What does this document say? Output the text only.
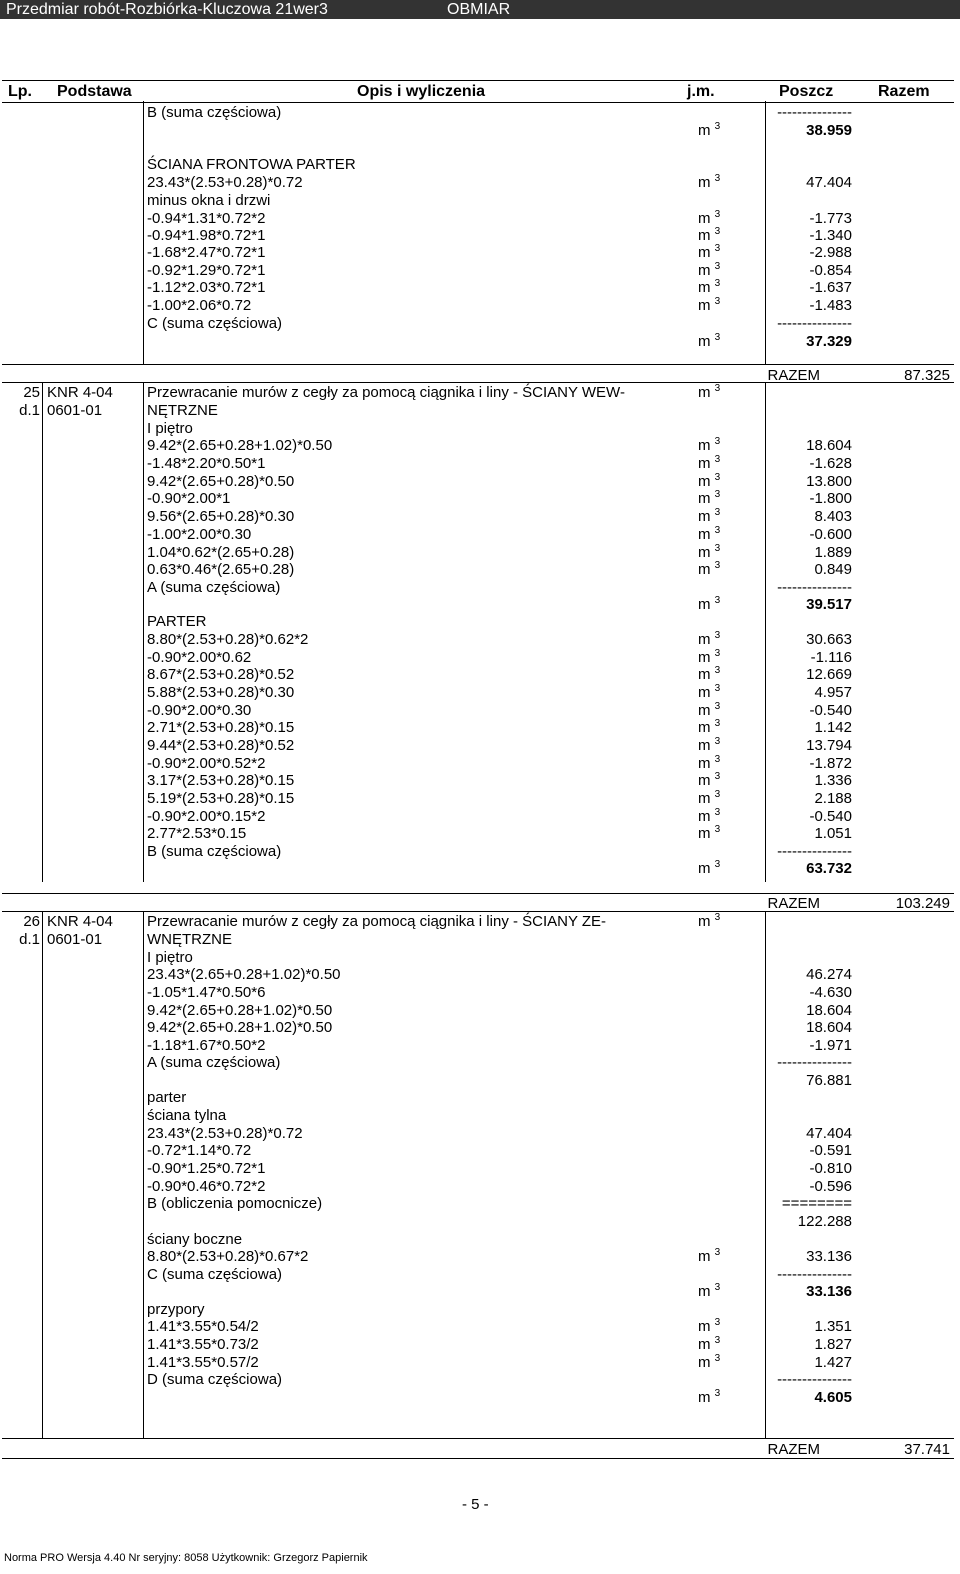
Przedmiar robót-Rozbiórka-Kluczowa 21wer3	OBMIAR
Lp. Podstawa	Opis i wyliczenia	j.m.	Poszcz	Razem
B (suma częściowa)	---------------
m $^3$	38.959
ŚCIANA FRONTOWA PARTER
23.43*(2.53+0.28)*0.72	m $^3$	47.404
minus okna i drzwi
-0.94*1.31*0.72*2	m $^3$	-1.773
-0.94*1.98*0.72*1	m $^3$	-1.340
-1.68*2.47*0.72*1	m $^3$	-2.988
-0.92*1.29*0.72*1	m $^3$	-0.854
-1.12*2.03*0.72*1	m $^3$	-1.637
-1.00*2.06*0.72	m $^3$	-1.483
C (suma częściowa)	---------------
m $^3$	37.329
RAZEM	87.325
25 KNR 4-04 Przewracanie murów z cegły za pomocą ciągnika i liny - ŚCIANY WEW-	m $^3$
d.1 0601-01	NĘTRZNE
I piętro
9.42*(2.65+0.28+1.02)*0.50	m $^3$	18.604
-1.48*2.20*0.50*1	m $^3$	-1.628
9.42*(2.65+0.28)*0.50	m $^3$	13.800
-0.90*2.00*1	m $^3$	-1.800
9.56*(2.65+0.28)*0.30	m $^3$	8.403
-1.00*2.00*0.30	m $^3$	-0.600
1.04*0.62*(2.65+0.28)	m $^3$	1.889
0.63*0.46*(2.65+0.28)	m $^3$	0.849
A (suma częściowa)	---------------
m $^3$	39.517
PARTER
8.80*(2.53+0.28)*0.62*2	m $^3$	30.663
-0.90*2.00*0.62	m $^3$	-1.116
8.67*(2.53+0.28)*0.52	m $^3$	12.669
5.88*(2.53+0.28)*0.30	m $^3$	4.957
-0.90*2.00*0.30	m $^3$	-0.540
2.71*(2.53+0.28)*0.15	m $^3$	1.142
9.44*(2.53+0.28)*0.52	m $^3$	13.794
-0.90*2.00*0.52*2	m $^3$	-1.872
3.17*(2.53+0.28)*0.15	m $^3$	1.336
5.19*(2.53+0.28)*0.15	m $^3$	2.188
-0.90*2.00*0.15*2	m $^3$	-0.540
2.77*2.53*0.15	m $^3$	1.051
B (suma częściowa)	---------------
m $^3$	63.732
RAZEM	103.249
26 KNR 4-04 Przewracanie murów z cegły za pomocą ciągnika i liny - ŚCIANY ZE-	m $^3$
d.1 0601-01	WNĘTRZNE
I piętro
23.43*(2.65+0.28+1.02)*0.50	46.274
-1.05*1.47*0.50*6	-4.630
9.42*(2.65+0.28+1.02)*0.50	18.604
9.42*(2.65+0.28+1.02)*0.50	18.604
-1.18*1.67*0.50*2	-1.971
A (suma częściowa)	---------------
76.881
parter
ściana tylna
23.43*(2.53+0.28)*0.72	47.404
-0.72*1.14*0.72	-0.591
-0.90*1.25*0.72*1	-0.810
-0.90*0.46*0.72*2	-0.596
B (obliczenia pomocnicze)	========
122.288
ściany boczne
8.80*(2.53+0.28)*0.67*2	m $^3$	33.136
C (suma częściowa)	---------------
m $^3$	33.136
przypory
1.41*3.55*0.54/2	m $^3$	1.351
1.41*3.55*0.73/2	m $^3$	1.827
1.41*3.55*0.57/2	m $^3$	1.427
D (suma częściowa)	---------------
m $^3$	4.605
RAZEM	37.741
- 5 -
Norma PRO Wersja 4.40 Nr seryjny: 8058 Użytkownik: Grzegorz Papiernik
